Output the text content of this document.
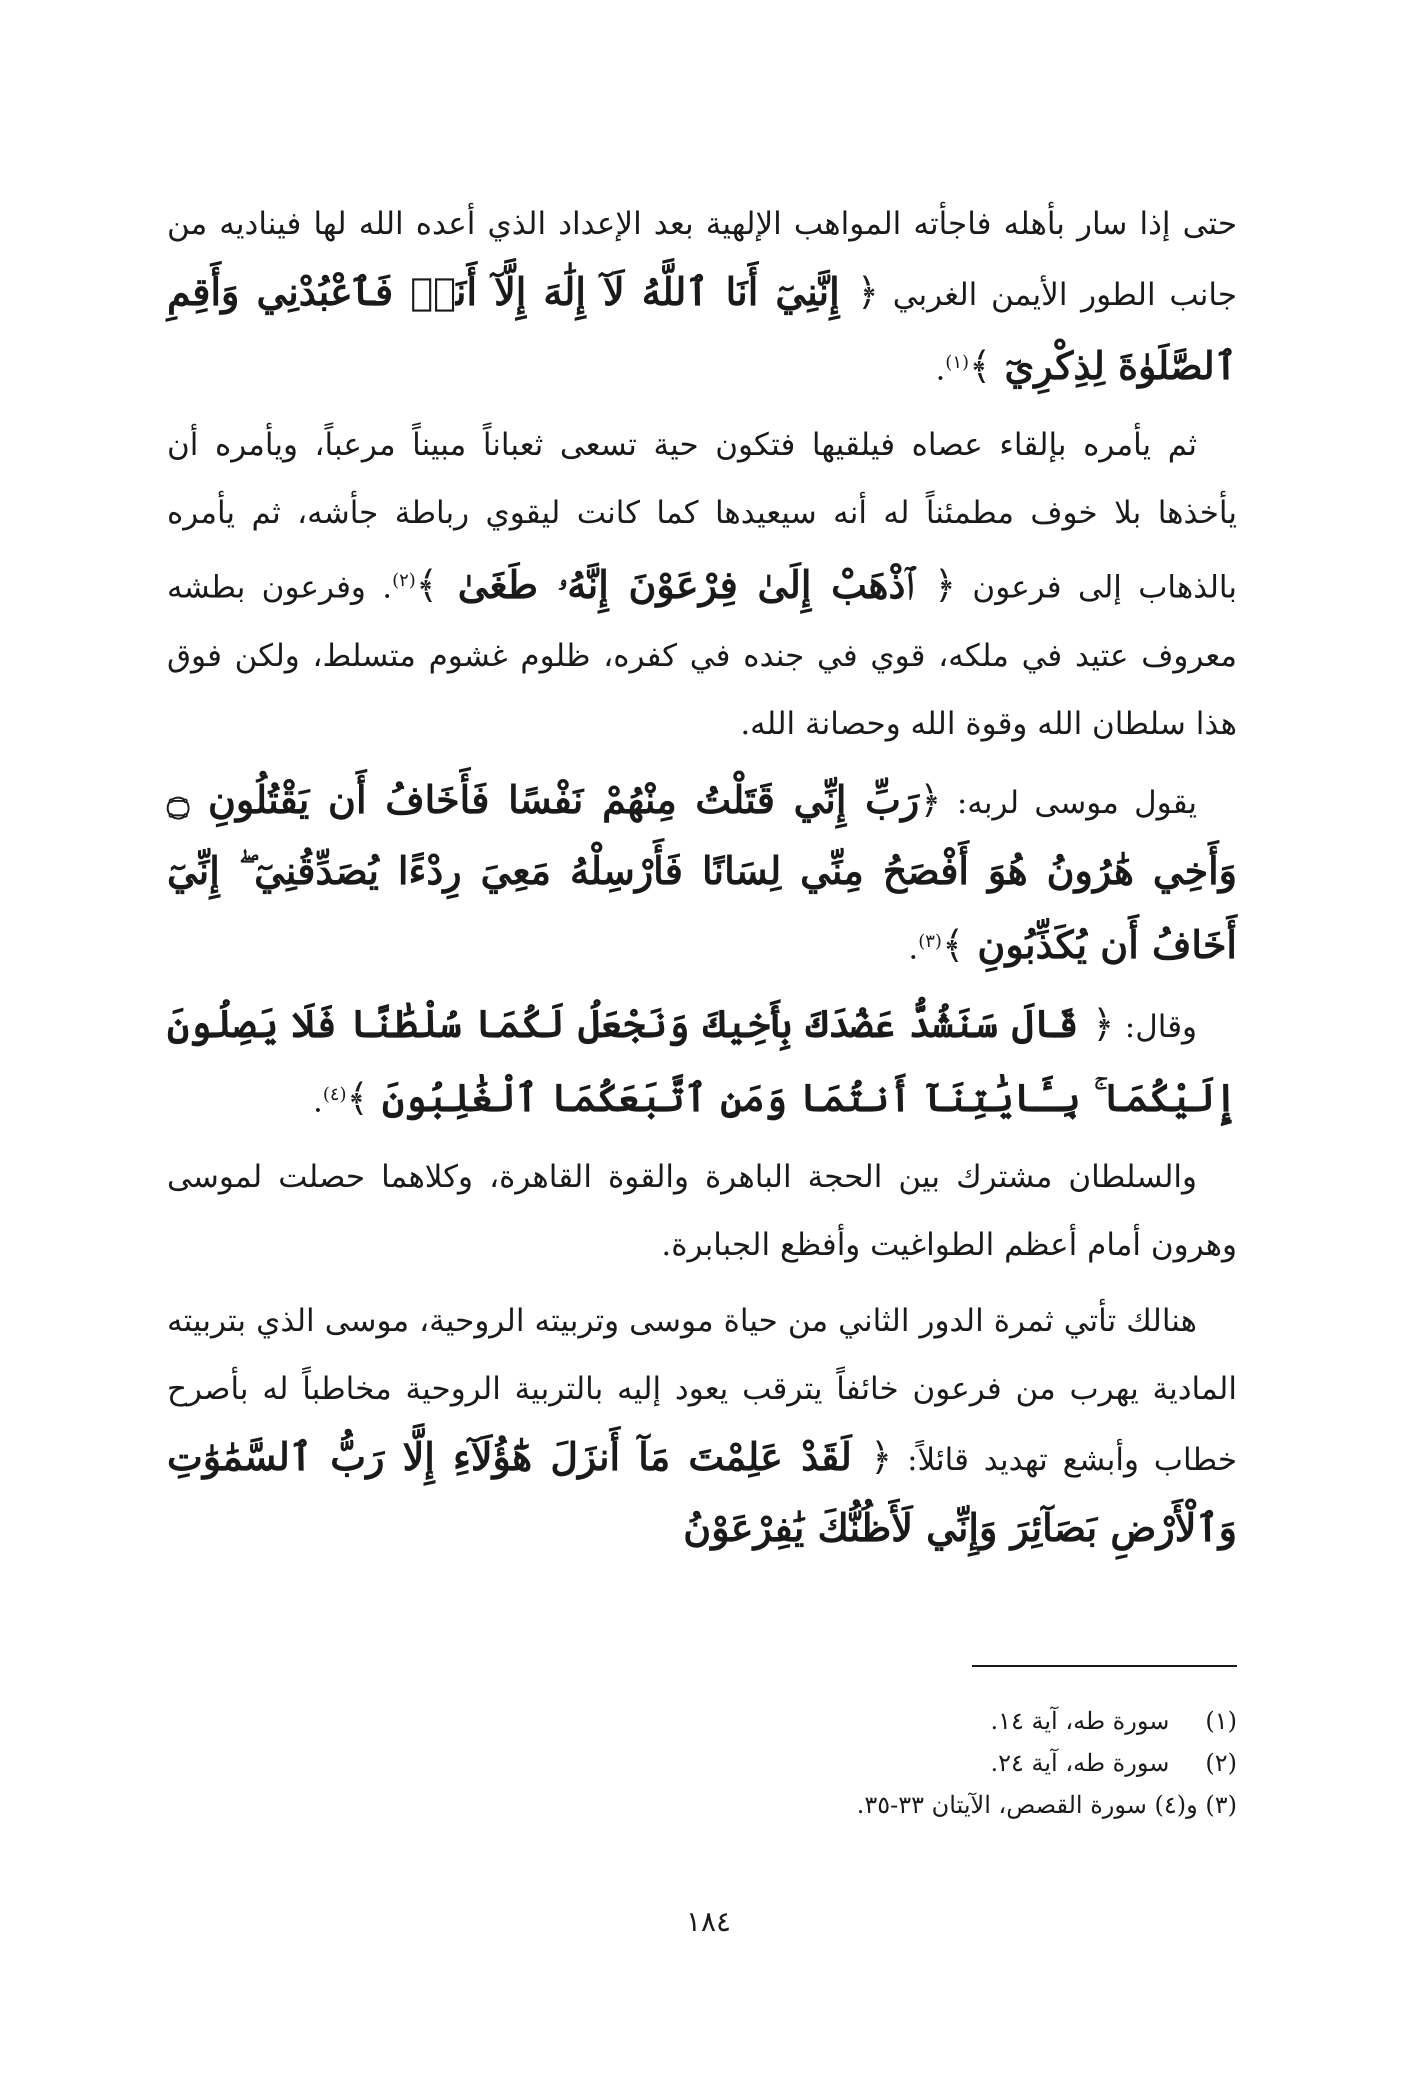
حتى إذا سار بأهله فاجأته المواهب الإلهية بعد الإعداد الذي أعده الله لها فيناديه من جانب الطور الأيمن الغربي ﴿ إِنَّنِيٓ أَنَا ٱللَّهُ لَآ إِلَٰهَ إِلَّآ أَنَا۠ فَٱعْبُدْنِي وَأَقِمِ ٱلصَّلَوٰةَ لِذِكْرِيٓ ﴾$^{(١)}$.

ثم يأمره بإلقاء عصاه فيلقيها فتكون حية تسعى ثعباناً مبيناً مرعباً، ويأمره أن يأخذها بلا خوف مطمئناً له أنه سيعيدها كما كانت ليقوي رباطة جأشه، ثم يأمره بالذهاب إلى فرعون ﴿ ٱذْهَبْ إِلَىٰ فِرْعَوْنَ إِنَّهُۥ طَغَىٰ ﴾$^{(٢)}$. وفرعون بطشه معروف عتيد في ملكه، قوي في جنده في كفره، ظلوم غشوم متسلط، ولكن فوق هذا سلطان الله وقوة الله وحصانة الله.

يقول موسى لربه: ﴿رَبِّ إِنِّي قَتَلْتُ مِنْهُمْ نَفْسًا فَأَخَافُ أَن يَقْتُلُونِ ۝ وَأَخِي هَٰرُونُ هُوَ أَفْصَحُ مِنِّي لِسَانًا فَأَرْسِلْهُ مَعِيَ رِدْءًا يُصَدِّقُنِيٓ ۖ إِنِّيٓ أَخَافُ أَن يُكَذِّبُونِ ﴾$^{(٣)}$.

وقال: ﴿ قَالَ سَنَشُدُّ عَضُدَكَ بِأَخِيكَ وَنَجْعَلُ لَكُمَا سُلْطَٰنًا فَلَا يَصِلُونَ إِلَيْكُمَا ۚ بِـَٔايَٰتِنَآ أَنتُمَا وَمَنِ ٱتَّبَعَكُمَا ٱلْغَٰلِبُونَ ﴾$^{(٤)}$.

والسلطان مشترك بين الحجة الباهرة والقوة القاهرة، وكلاهما حصلت لموسى وهرون أمام أعظم الطواغيت وأفظع الجبابرة.

هنالك تأتي ثمرة الدور الثاني من حياة موسى وتربيته الروحية، موسى الذي بتربيته المادية يهرب من فرعون خائفاً يترقب يعود إليه بالتربية الروحية مخاطباً له بأصرح خطاب وأبشع تهديد قائلاً: ﴿ لَقَدْ عَلِمْتَ مَآ أَنزَلَ هَٰٓؤُلَآءِ إِلَّا رَبُّ ٱلسَّمَٰوَٰتِ وَٱلْأَرْضِ بَصَآئِرَ وَإِنِّي لَأَظُنُّكَ يَٰفِرْعَوْنُ

(١) سورة طه، آية ١٤.
(٢) سورة طه، آية ٢٤.
(٣) و(٤) سورة القصص، الآيتان ٣٣-٣٥.
١٨٤
